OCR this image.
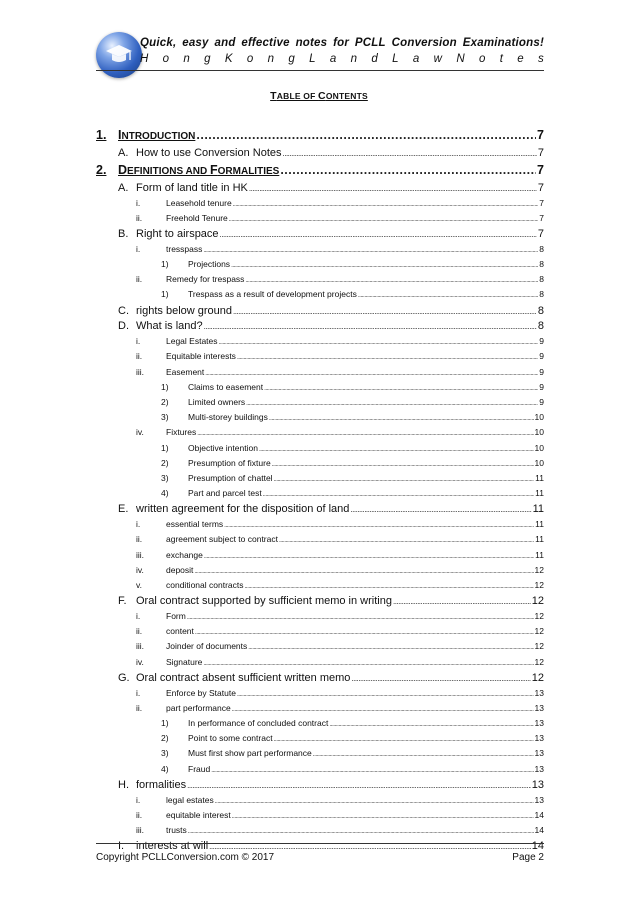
Quick, easy and effective notes for PCLL Conversion Examinations!
H o n g K o n g L a n d L a w N o t e s
TABLE OF CONTENTS
1. INTRODUCTION .....	7
A. How to use Conversion Notes .....	7
2. DEFINITIONS AND FORMALITIES .....	7
A. Form of land title in HK .....	7
i.	Leasehold tenure .....	7
ii.	Freehold Tenure .....	7
B. Right to airspace .....	7
i.	tresspass .....	8
1)	Projections .....	8
ii.	Remedy for trespass .....	8
1)	Trespass as a result of development projects .....	8
C. rights below ground .....	8
D. What is land? .....	8
i.	Legal Estates .....	9
ii.	Equitable interests .....	9
iii.	Easement .....	9
1)	Claims to easement .....	9
2)	Limited owners .....	9
3)	Multi-storey buildings .....	10
iv.	Fixtures .....	10
1)	Objective intention .....	10
2)	Presumption of fixture .....	10
3)	Presumption of chattel .....	11
4)	Part and parcel test .....	11
E. written agreement for the disposition of land .....	11
i.	essential terms .....	11
ii.	agreement subject to contract .....	11
iii.	exchange .....	11
iv.	deposit .....	12
v.	conditional contracts .....	12
F. Oral contract supported by sufficient memo in writing .....	12
i.	Form .....	12
ii.	content .....	12
iii.	Joinder of documents .....	12
iv.	Signature .....	12
G. Oral contract absent sufficient written memo .....	12
i.	Enforce by Statute .....	13
ii.	part performance .....	13
1)	In performance of concluded contract .....	13
2)	Point to some contract .....	13
3)	Must first show part performance .....	13
4)	Fraud .....	13
H. formalities .....	13
i.	legal estates .....	13
ii.	equitable interest .....	14
iii.	trusts .....	14
I.	interests at will .....	14
Copyright PCLLConversion.com © 2017	Page 2
